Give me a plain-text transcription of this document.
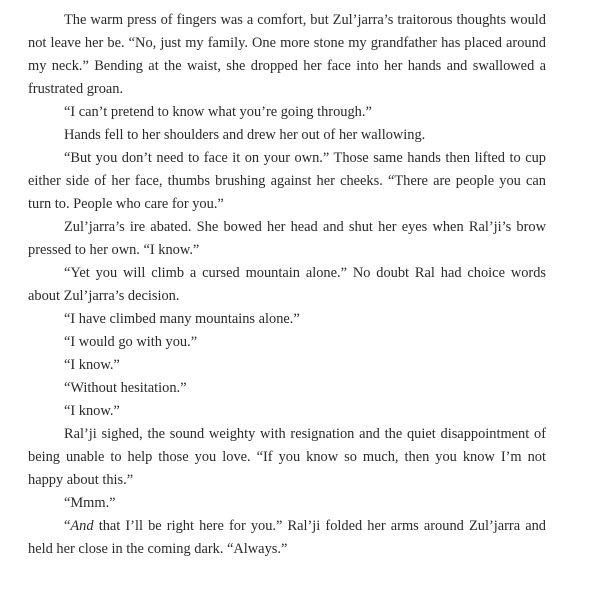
The warm press of fingers was a comfort, but Zul’jarra’s traitorous thoughts would not leave her be. “No, just my family. One more stone my grandfather has placed around my neck.” Bending at the waist, she dropped her face into her hands and swallowed a frustrated groan.

“I can’t pretend to know what you’re going through.”

Hands fell to her shoulders and drew her out of her wallowing.

“But you don’t need to face it on your own.” Those same hands then lifted to cup either side of her face, thumbs brushing against her cheeks. “There are people you can turn to. People who care for you.”

Zul’jarra’s ire abated. She bowed her head and shut her eyes when Ral’ji’s brow pressed to her own. “I know.”

“Yet you will climb a cursed mountain alone.” No doubt Ral had choice words about Zul’jarra’s decision.

“I have climbed many mountains alone.”

“I would go with you.”

“I know.”

“Without hesitation.”

“I know.”

Ral’ji sighed, the sound weighty with resignation and the quiet disappointment of being unable to help those you love. “If you know so much, then you know I’m not happy about this.”

“Mmm.”

“And that I’ll be right here for you.” Ral’ji folded her arms around Zul’jarra and held her close in the coming dark. “Always.”
